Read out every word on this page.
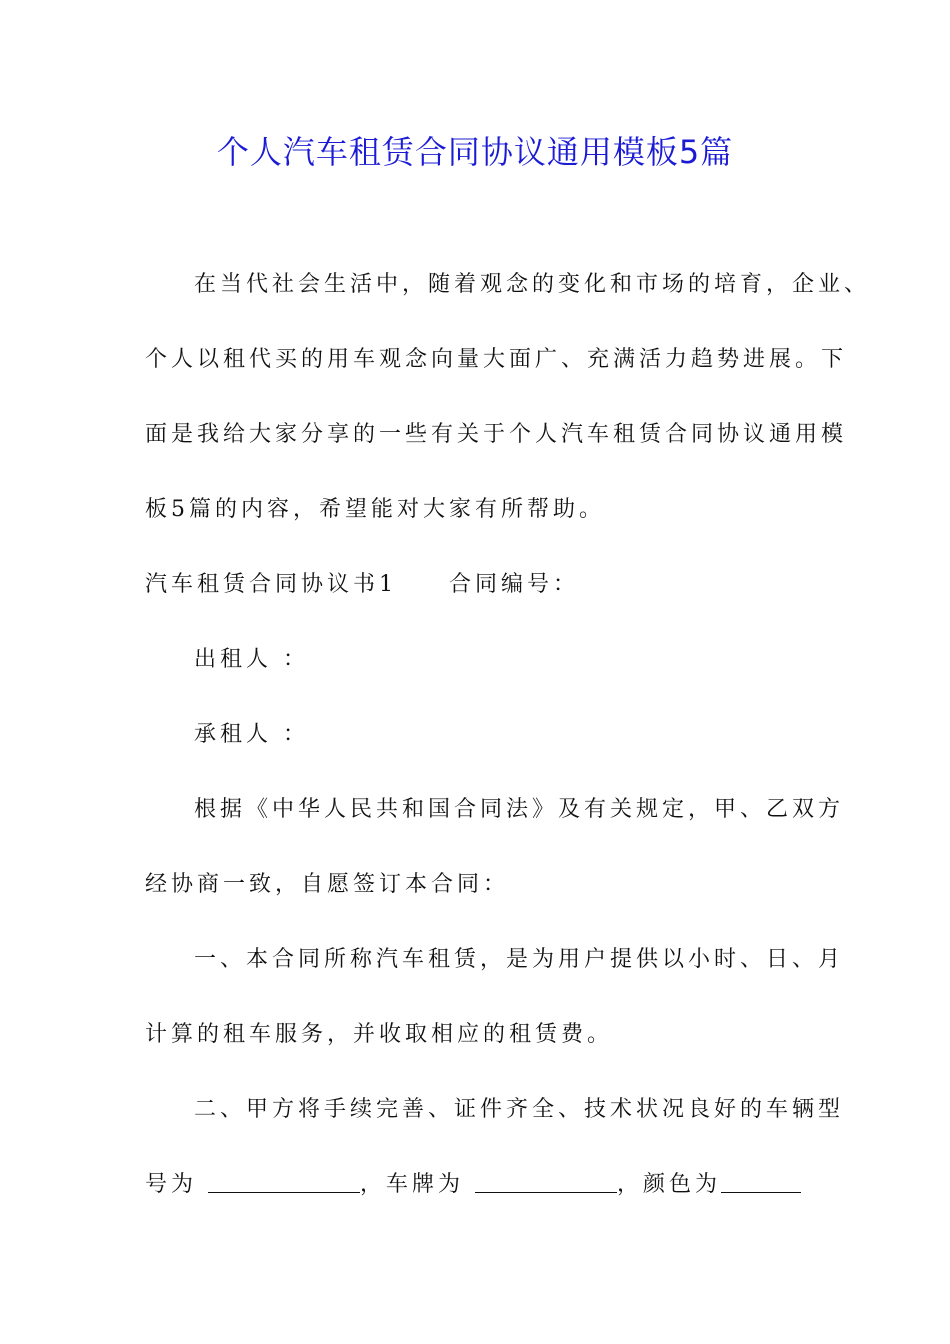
个人汽车租赁合同协议通用模板5篇
在当代社会生活中，随着观念的变化和市场的培育，企业、
个人以租代买的用车观念向量大面广、充满活力趋势进展。下
面是我给大家分享的一些有关于个人汽车租赁合同协议通用模
板5篇的内容，希望能对大家有所帮助。
汽车租赁合同协议书1 合同编号：
出租人 ：
承租人 ：
根据《中华人民共和国合同法》及有关规定，甲、乙双方
经协商一致，自愿签订本合同：
一、本合同所称汽车租赁，是为用户提供以小时、日、月
计算的租车服务，并收取相应的租赁费。
二、甲方将手续完善、证件齐全、技术状况良好的车辆型
号为	，车牌为	，颜色为
